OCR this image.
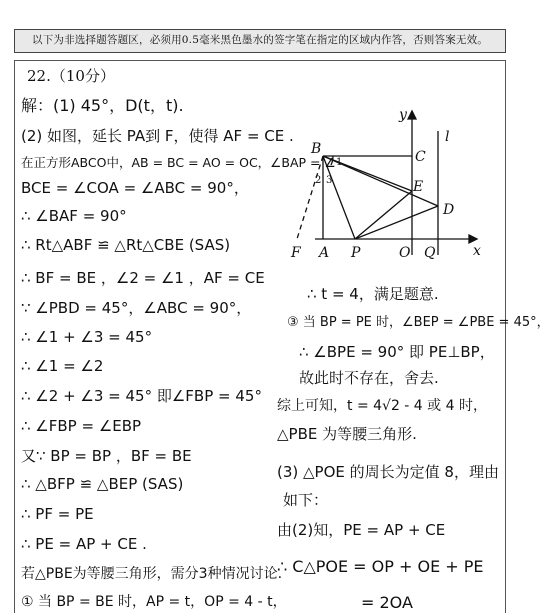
以下为非选择题答题区，必须用0.5毫米黑色墨水的签字笔在指定的区域内作答，否则答案无效。
22.（10分）
解：(1) 45°，D(t，t).
(2) 如图，延长 PA到 F，使得 AF = CE .
在正方形ABCO中，AB = BC = AO = OC，∠BAP = ∠
BCE = ∠COA = ∠ABC = 90°，
∴ ∠BAF = 90°
∴ Rt△ABF ≌ △Rt△CBE (SAS)
∴ BF = BE ，∠2 = ∠1 ，AF = CE
∵ ∠PBD = 45°，∠ABC = 90°，
∴ ∠1 + ∠3 = 45°
∴ ∠1 = ∠2
∴ ∠2 + ∠3 = 45° 即∠FBP = 45°
∴ ∠FBP = ∠EBP
又∵ BP = BP ，BF = BE
∴ △BFP ≌ △BEP (SAS)
∴ PF = PE
∴ PE = AP + CE .
若△PBE为等腰三角形，需分3种情况讨论.
① 当 BP = BE 时，AP = t，OP = 4 - t，
∴ t = 4，满足题意.
③ 当 BP = PE 时，∠BEP = ∠PBE = 45°，
∴ ∠BPE = 90° 即 PE⊥BP，
故此时不存在，舍去.
综上可知，t = 4√2 - 4 或 4 时，
△PBE 为等腰三角形.
(3) △POE 的周长为定值 8，理由
如下：
由(2)知，PE = AP + CE
∴ C△POE = OP + OE + PE
= 2OA
y
x
l
B	C
E
D
F A P	O Q
1
2 3
